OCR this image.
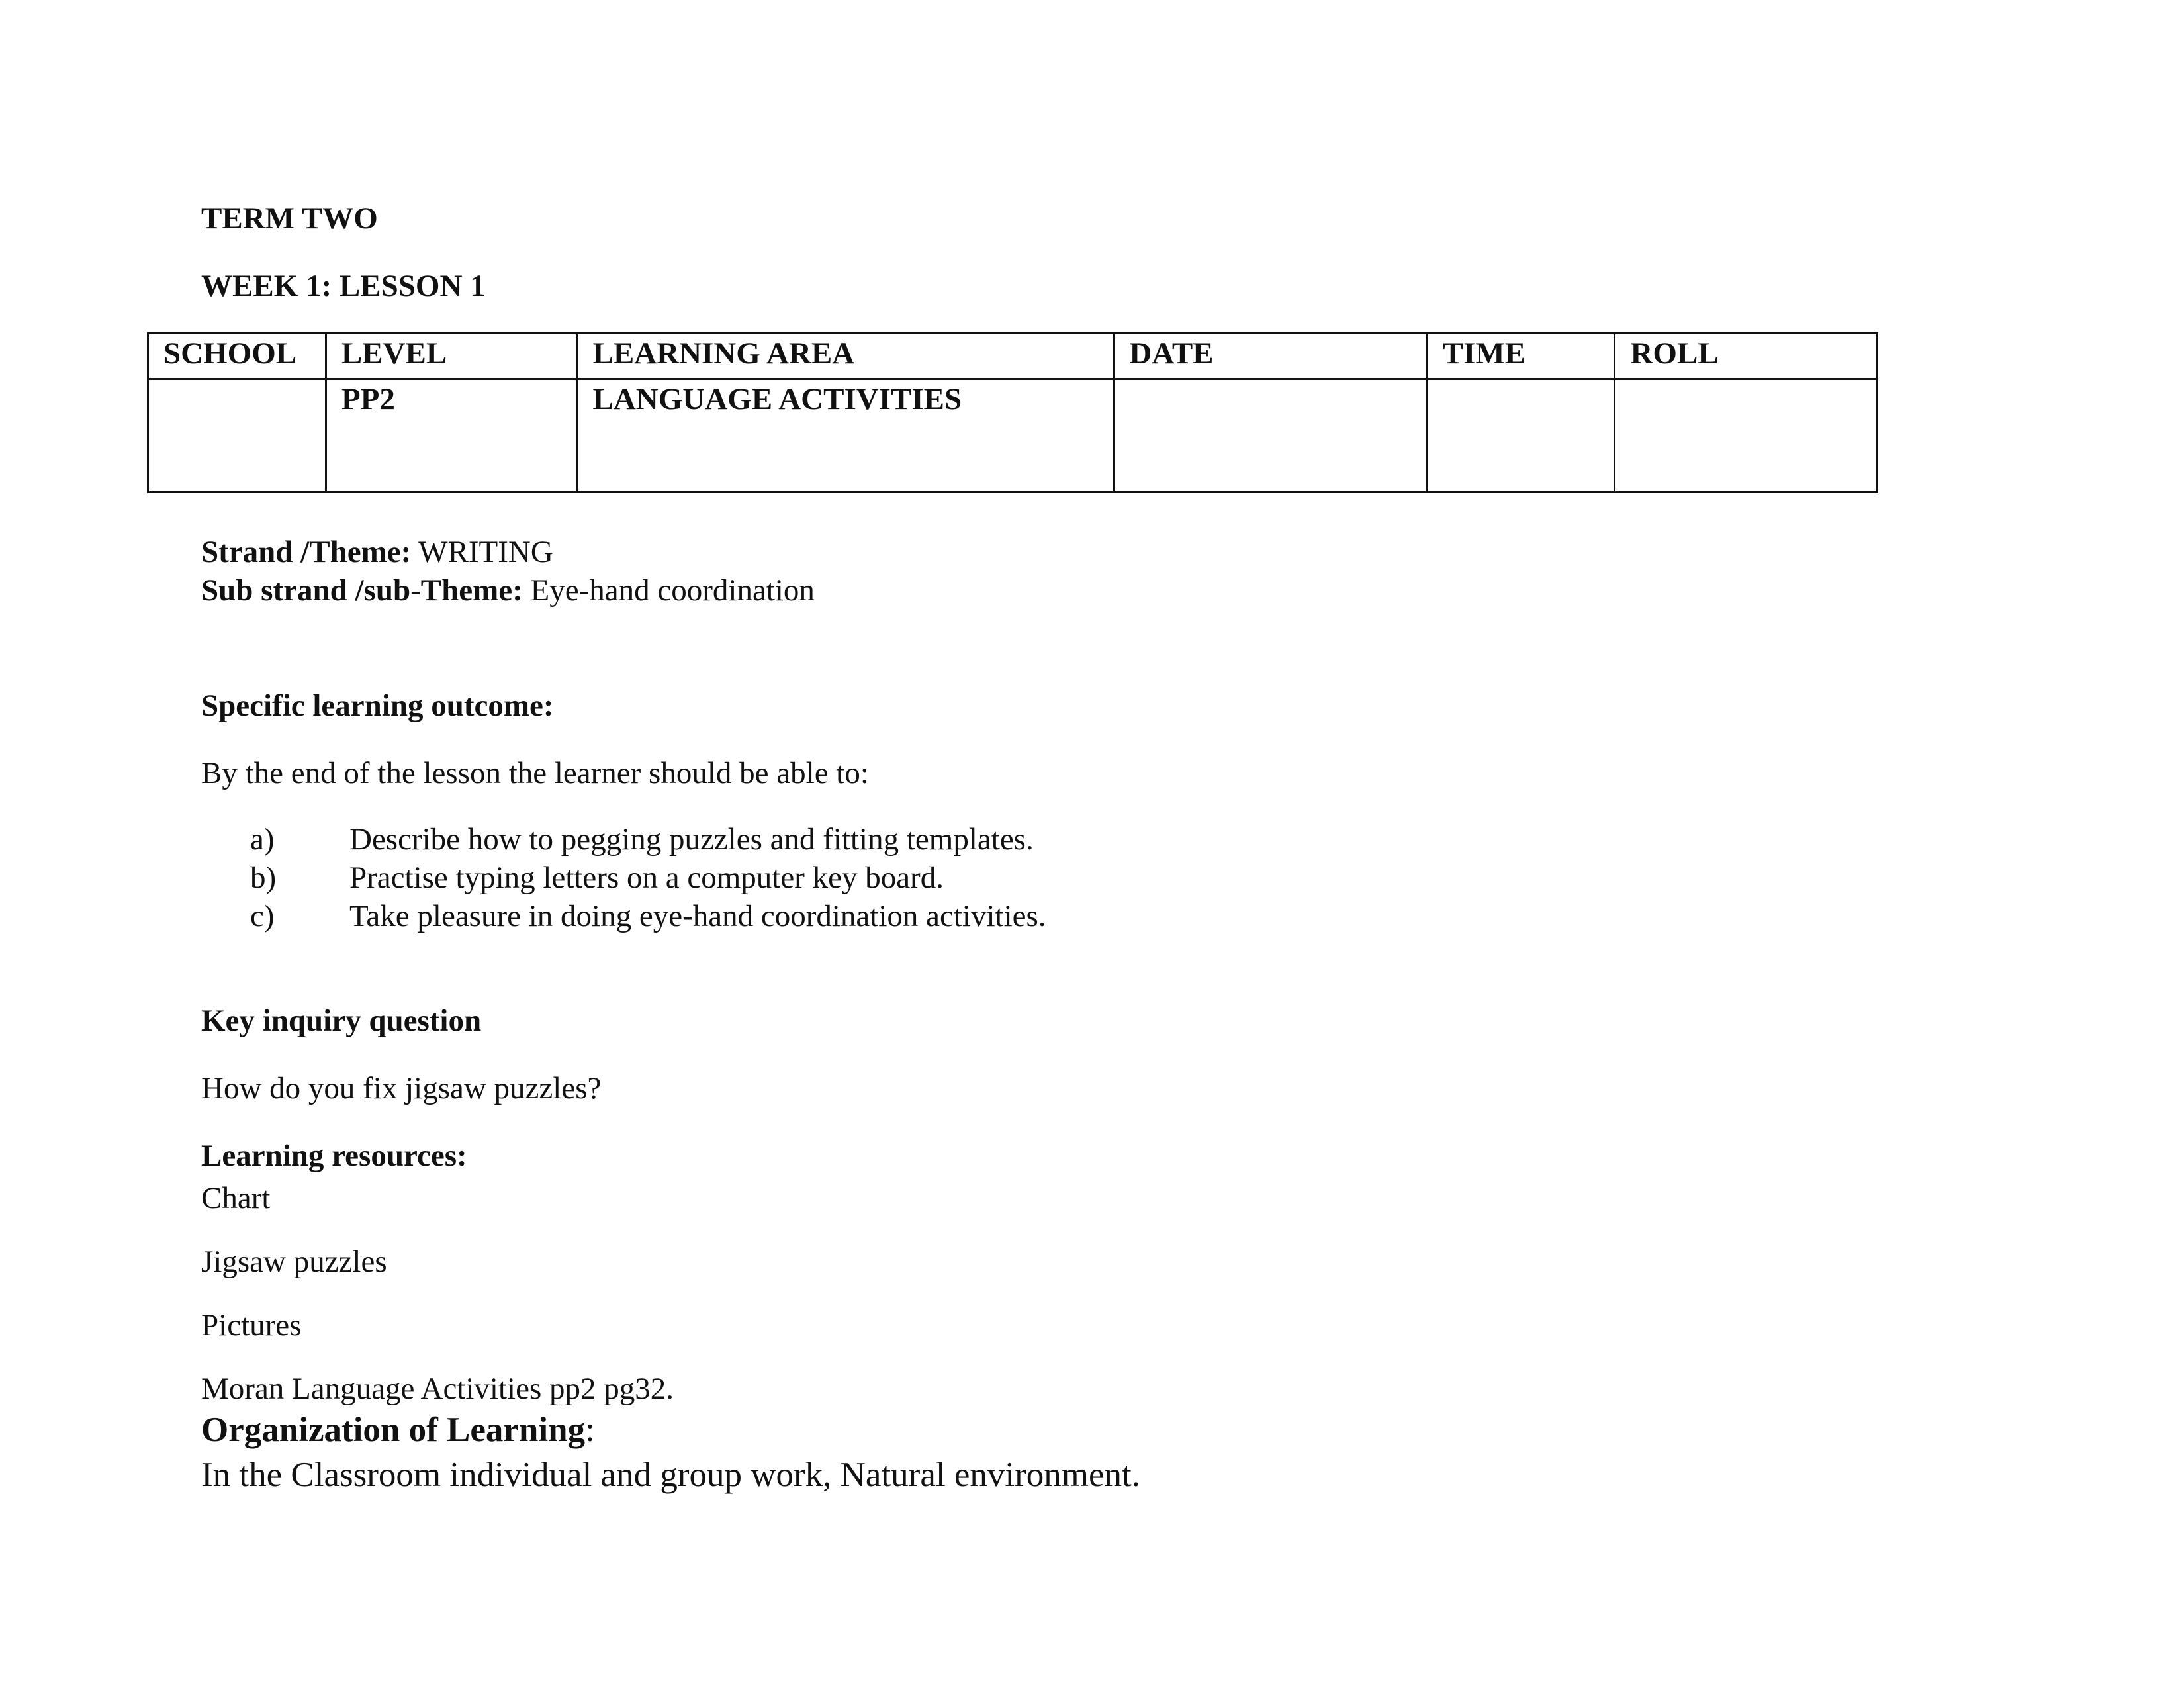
TERM TWO
WEEK 1: LESSON 1
SCHOOL	LEVEL	LEARNING AREA	DATE	TIME	ROLL
	PP2	LANGUAGE ACTIVITIES			
Strand /Theme: WRITING
Sub strand /sub-Theme: Eye-hand coordination
Specific learning outcome:
By the end of the lesson the learner should be able to:
a) Describe how to pegging puzzles and fitting templates.
b) Practise typing letters on a computer key board.
c) Take pleasure in doing eye-hand coordination activities.
Key inquiry question
How do you fix jigsaw puzzles?
Learning resources:
Chart
Jigsaw puzzles
Pictures
Moran Language Activities pp2 pg32.
Organization of Learning:
In the Classroom individual and group work, Natural environment.
